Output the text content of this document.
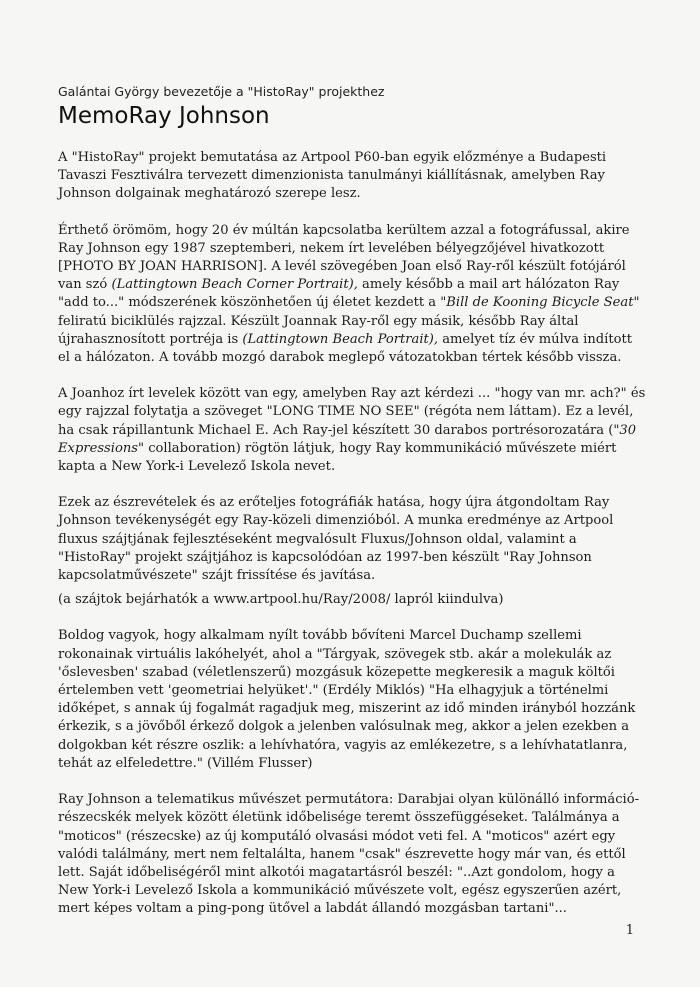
Galántai György bevezetője a "HistoRay" projekthez

MemoRay Johnson

A "HistoRay" projekt bemutatása az Artpool P60-ban egyik előzménye a Budapesti Tavaszi Fesztiválra tervezett dimenzionista tanulmányi kiállításnak, amelyben Ray Johnson dolgainak meghatározó szerepe lesz.

Érthető örömöm, hogy 20 év múltán kapcsolatba kerültem azzal a fotográfussal, akire Ray Johnson egy 1987 szeptemberi, nekem írt levelében bélyegzőjével hivatkozott [PHOTO BY JOAN HARRISON]. A levél szövegében Joan első Ray-ről készült fotójáról van szó (Lattingtown Beach Corner Portrait), amely később a mail art hálózaton Ray "add to..." módszerének köszönhetően új életet kezdett a "Bill de Kooning Bicycle Seat" feliratú biciklülés rajzzal. Készült Joannak Ray-ről egy másik, később Ray által újrahasznosított portréja is (Lattingtown Beach Portrait), amelyet tíz év múlva indított el a hálózaton. A tovább mozgó darabok meglepő vátozatokban tértek később vissza.

A Joanhoz írt levelek között van egy, amelyben Ray azt kérdezi ... "hogy van mr. ach?" és egy rajzzal folytatja a szöveget "LONG TIME NO SEE" (régóta nem láttam). Ez a levél, ha csak rápillantunk Michael E. Ach Ray-jel készített 30 darabos portrésorozatára ("30 Expressions" collaboration) rögtön látjuk, hogy Ray kommunikáció művészete miért kapta a New York-i Levelező Iskola nevet.

Ezek az észrevételek és az erőteljes fotográfiák hatása, hogy újra átgondoltam Ray Johnson tevékenységét egy Ray-közeli dimenzióból. A munka eredménye az Artpool fluxus szájtjának fejlesztéseként megvalósult Fluxus/Johnson oldal, valamint a "HistoRay" projekt szájtjához is kapcsolódóan az 1997-ben készült "Ray Johnson kapcsolatművészete" szájt frissítése és javítása.

(a szájtok bejárhatók a www.artpool.hu/Ray/2008/ lapról kiindulva)

Boldog vagyok, hogy alkalmam nyílt tovább bővíteni Marcel Duchamp szellemi rokonainak virtuális lakóhelyét, ahol a "Tárgyak, szövegek stb. akár a molekulák az 'őslevesben' szabad (véletlenszerű) mozgásuk közepette megkeresik a maguk költői értelemben vett 'geometriai helyüket'." (Erdély Miklós) "Ha elhagyjuk a történelmi időképet, s annak új fogalmát ragadjuk meg, miszerint az idő minden irányból hozzánk érkezik, s a jövőből érkező dolgok a jelenben valósulnak meg, akkor a jelen ezekben a dolgokban két részre oszlik: a lehívhatóra, vagyis az emlékezetre, s a lehívhatatlanra, tehát az elfeledettre." (Villém Flusser)

Ray Johnson a telematikus művészet permutátora: Darabjai olyan különálló információ-részecskék melyek között életünk időbelisége teremt összefüggéseket. Találmánya a "moticos" (részecske) az új komputáló olvasási módot veti fel. A "moticos" azért egy valódi találmány, mert nem feltalálta, hanem "csak" észrevette hogy már van, és ettől lett. Saját időbeliségéről mint alkotói magatartásról beszél: "..Azt gondolom, hogy a New York-i Levelező Iskola a kommunikáció művészete volt, egész egyszerűen azért, mert képes voltam a ping-pong ütővel a labdát állandó mozgásban tartani"...

1
